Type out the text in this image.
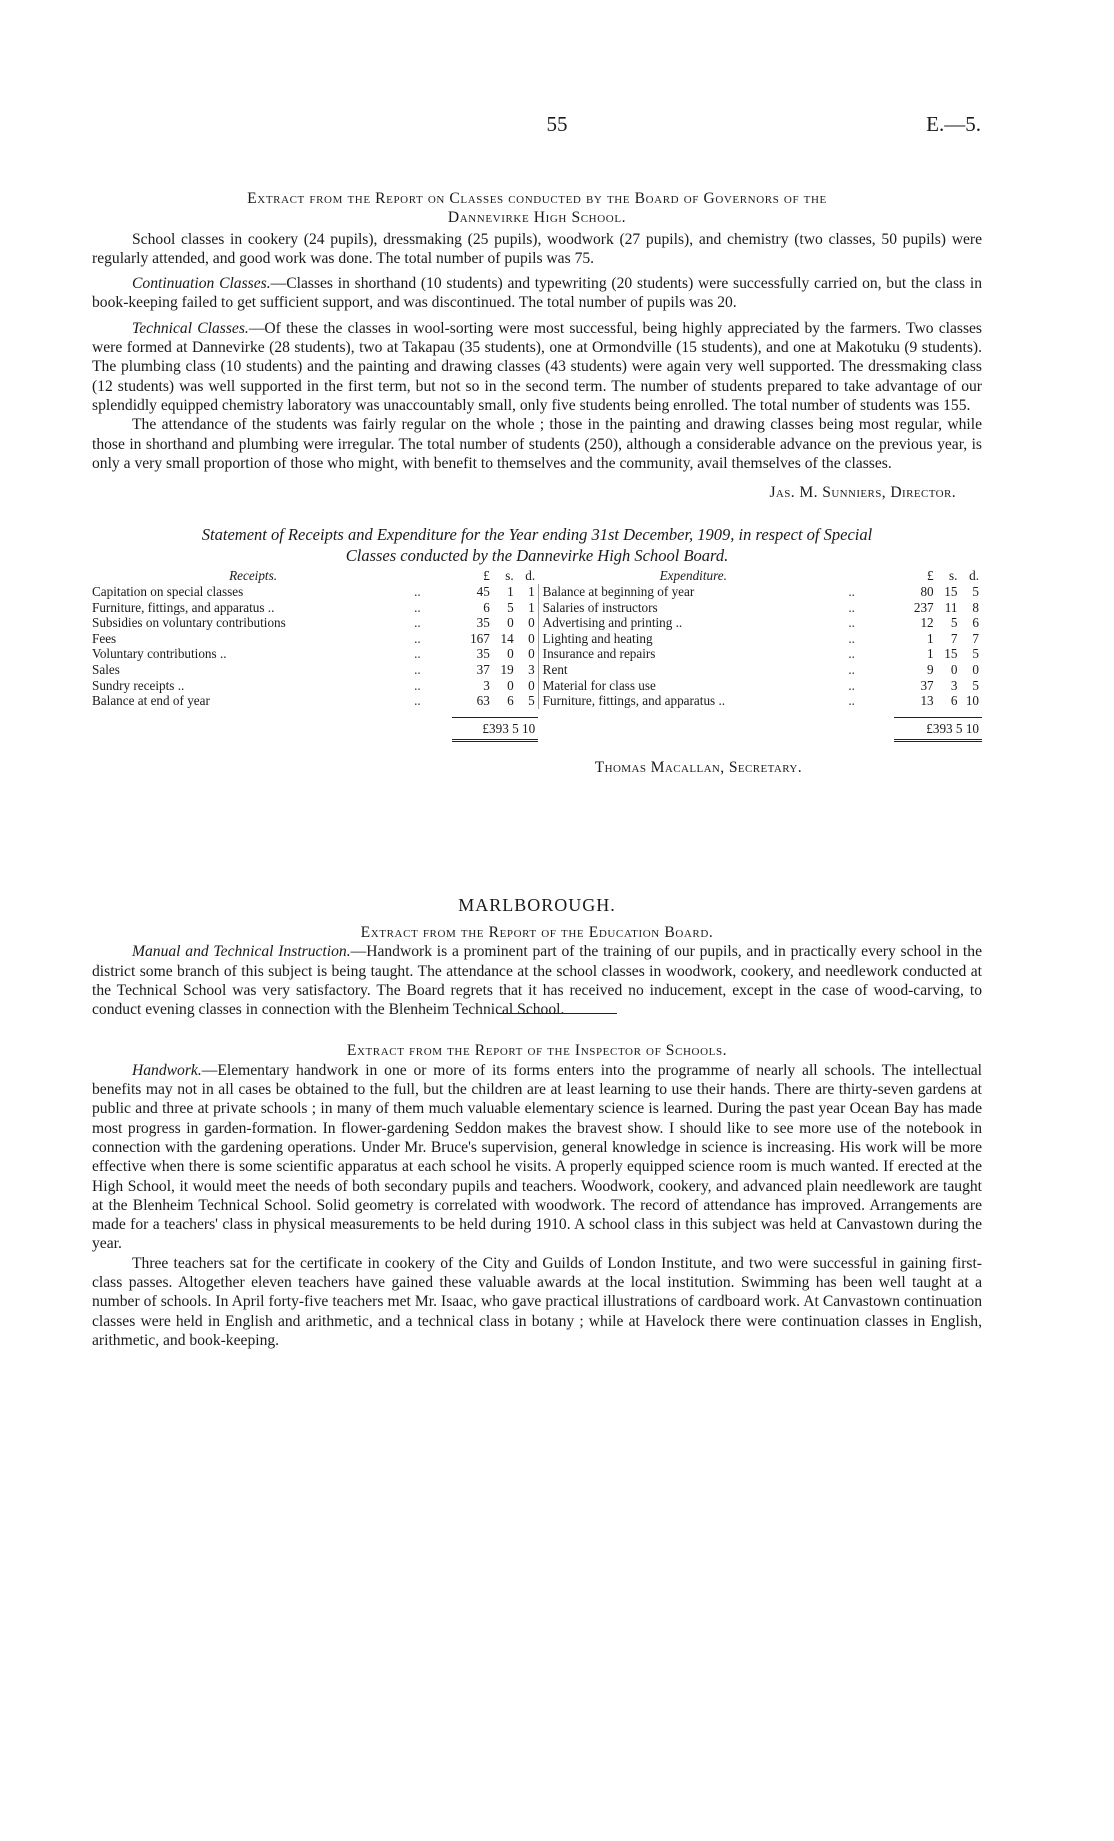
55	E.—5.
Extract from the Report on Classes conducted by the Board of Governors of the
Dannevirke High School.

School classes in cookery (24 pupils), dressmaking (25 pupils), woodwork (27 pupils), and chemistry (two classes, 50 pupils) were regularly attended, and good work was done. The total number of pupils was 75.

Continuation Classes.—Classes in shorthand (10 students) and typewriting (20 students) were successfully carried on, but the class in book-keeping failed to get sufficient support, and was discontinued. The total number of pupils was 20.

Technical Classes.—Of these the classes in wool-sorting were most successful, being highly appreciated by the farmers. Two classes were formed at Dannevirke (28 students), two at Takapau (35 students), one at Ormondville (15 students), and one at Makotuku (9 students). The plumbing class (10 students) and the painting and drawing classes (43 students) were again very well supported. The dressmaking class (12 students) was well supported in the first term, but not so in the second term. The number of students prepared to take advantage of our splendidly equipped chemistry laboratory was unaccountably small, only five students being enrolled. The total number of students was 155.

The attendance of the students was fairly regular on the whole ; those in the painting and drawing classes being most regular, while those in shorthand and plumbing were irregular. The total number of students (250), although a considerable advance on the previous year, is only a very small proportion of those who might, with benefit to themselves and the community, avail themselves of the classes.

Jas. M. Sunniers, Director.
Statement of Receipts and Expenditure for the Year ending 31st December, 1909, in respect of Special
Classes conducted by the Dannevirke High School Board.
Receipts.		£	s.	d.	Expenditure.		£	s.	d.
Capitation on special classes	..	45	1	1	Balance at beginning of year	..	80	15	5
Furniture, fittings, and apparatus ..	..	6	5	1	Salaries of instructors	..	237	11	8
Subsidies on voluntary contributions	..	35	0	0	Advertising and printing ..	..	12	5	6
Fees	..	167	14	0	Lighting and heating	..	1	7	7
Voluntary contributions ..	..	35	0	0	Insurance and repairs	..	1	15	5
Sales	..	37	19	3	Rent	..	9	0	0
Sundry receipts ..	..	3	0	0	Material for class use	..	37	3	5
Balance at end of year	..	63	6	5	Furniture, fittings, and apparatus ..	..	13	6	10

		£393 5 10					£393 5 10		
Thomas Macallan, Secretary.
MARLBOROUGH.
Extract from the Report of the Education Board.

Manual and Technical Instruction.—Handwork is a prominent part of the training of our pupils, and in practically every school in the district some branch of this subject is being taught. The attendance at the school classes in woodwork, cookery, and needlework conducted at the Technical School was very satisfactory. The Board regrets that it has received no inducement, except in the case of wood-carving, to conduct evening classes in connection with the Blenheim Technical School.

Extract from the Report of the Inspector of Schools.

Handwork.—Elementary handwork in one or more of its forms enters into the programme of nearly all schools. The intellectual benefits may not in all cases be obtained to the full, but the children are at least learning to use their hands. There are thirty-seven gardens at public and three at private schools ; in many of them much valuable elementary science is learned. During the past year Ocean Bay has made most progress in garden-formation. In flower-gardening Seddon makes the bravest show. I should like to see more use of the notebook in connection with the gardening operations. Under Mr. Bruce's supervision, general knowledge in science is increasing. His work will be more effective when there is some scientific apparatus at each school he visits. A properly equipped science room is much wanted. If erected at the High School, it would meet the needs of both secondary pupils and teachers. Woodwork, cookery, and advanced plain needlework are taught at the Blenheim Technical School. Solid geometry is correlated with woodwork. The record of attendance has improved. Arrangements are made for a teachers' class in physical measurements to be held during 1910. A school class in this subject was held at Canvastown during the year.

Three teachers sat for the certificate in cookery of the City and Guilds of London Institute, and two were successful in gaining first-class passes. Altogether eleven teachers have gained these valuable awards at the local institution. Swimming has been well taught at a number of schools. In April forty-five teachers met Mr. Isaac, who gave practical illustrations of cardboard work. At Canvastown continuation classes were held in English and arithmetic, and a technical class in botany ; while at Havelock there were continuation classes in English, arithmetic, and book-keeping.
